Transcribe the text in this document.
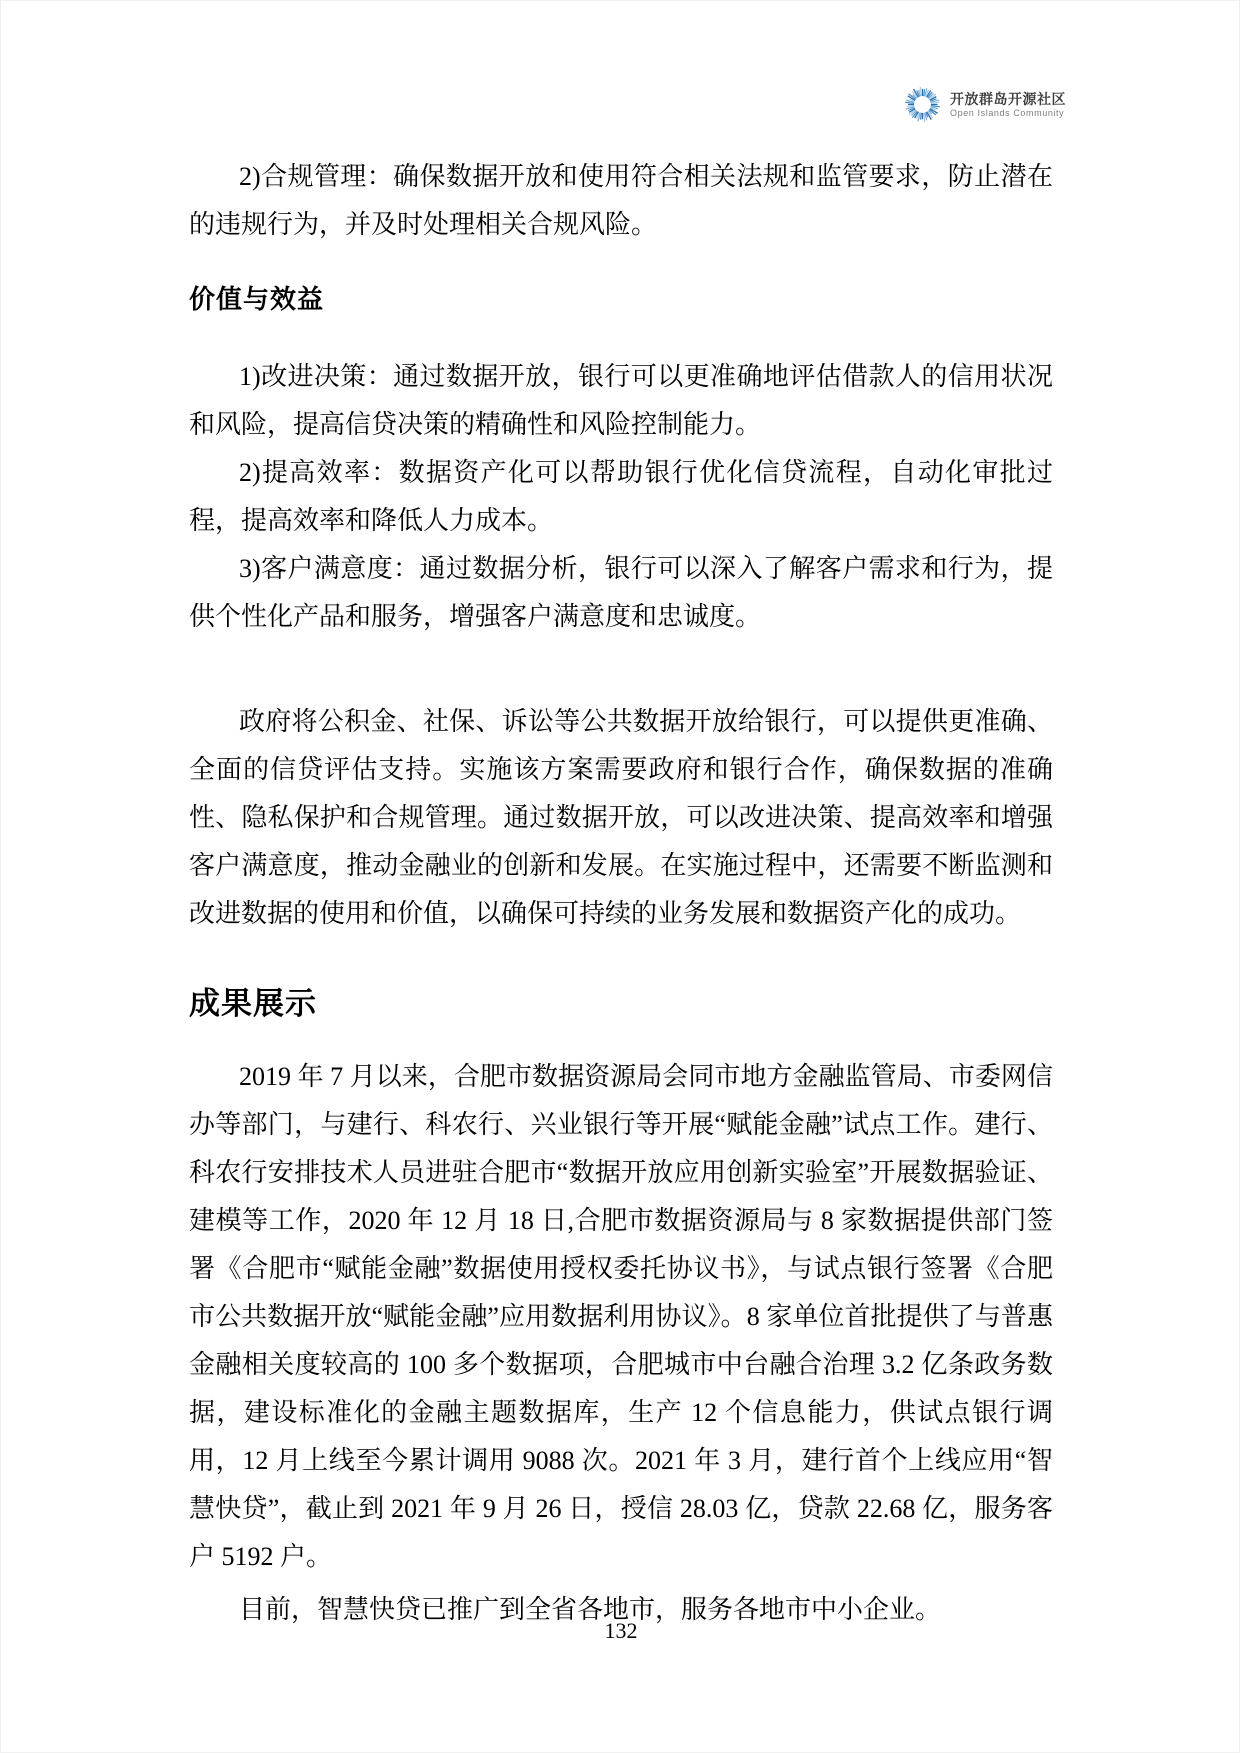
开放群岛开源社区
Open Islands Community

2)合规管理：确保数据开放和使用符合相关法规和监管要求，防止潜在的违规行为，并及时处理相关合规风险。

价值与效益

1)改进决策：通过数据开放，银行可以更准确地评估借款人的信用状况和风险，提高信贷决策的精确性和风险控制能力。

2)提高效率：数据资产化可以帮助银行优化信贷流程，自动化审批过程，提高效率和降低人力成本。

3)客户满意度：通过数据分析，银行可以深入了解客户需求和行为，提供个性化产品和服务，增强客户满意度和忠诚度。

政府将公积金、社保、诉讼等公共数据开放给银行，可以提供更准确、全面的信贷评估支持。实施该方案需要政府和银行合作，确保数据的准确性、隐私保护和合规管理。通过数据开放，可以改进决策、提高效率和增强客户满意度，推动金融业的创新和发展。在实施过程中，还需要不断监测和改进数据的使用和价值，以确保可持续的业务发展和数据资产化的成功。

成果展示

2019 年 7 月以来，合肥市数据资源局会同市地方金融监管局、市委网信办等部门，与建行、科农行、兴业银行等开展“赋能金融”试点工作。建行、科农行安排技术人员进驻合肥市“数据开放应用创新实验室”开展数据验证、建模等工作，2020 年 12 月 18 日,合肥市数据资源局与 8 家数据提供部门签署《合肥市“赋能金融”数据使用授权委托协议书》，与试点银行签署《合肥市公共数据开放“赋能金融”应用数据利用协议》。8 家单位首批提供了与普惠金融相关度较高的 100 多个数据项，合肥城市中台融合治理 3.2 亿条政务数据，建设标准化的金融主题数据库，生产 12 个信息能力，供试点银行调用，12 月上线至今累计调用 9088 次。2021 年 3 月，建行首个上线应用“智慧快贷”，截止到 2021 年 9 月 26 日，授信 28.03 亿，贷款 22.68 亿，服务客户 5192 户。

目前，智慧快贷已推广到全省各地市，服务各地市中小企业。

132
